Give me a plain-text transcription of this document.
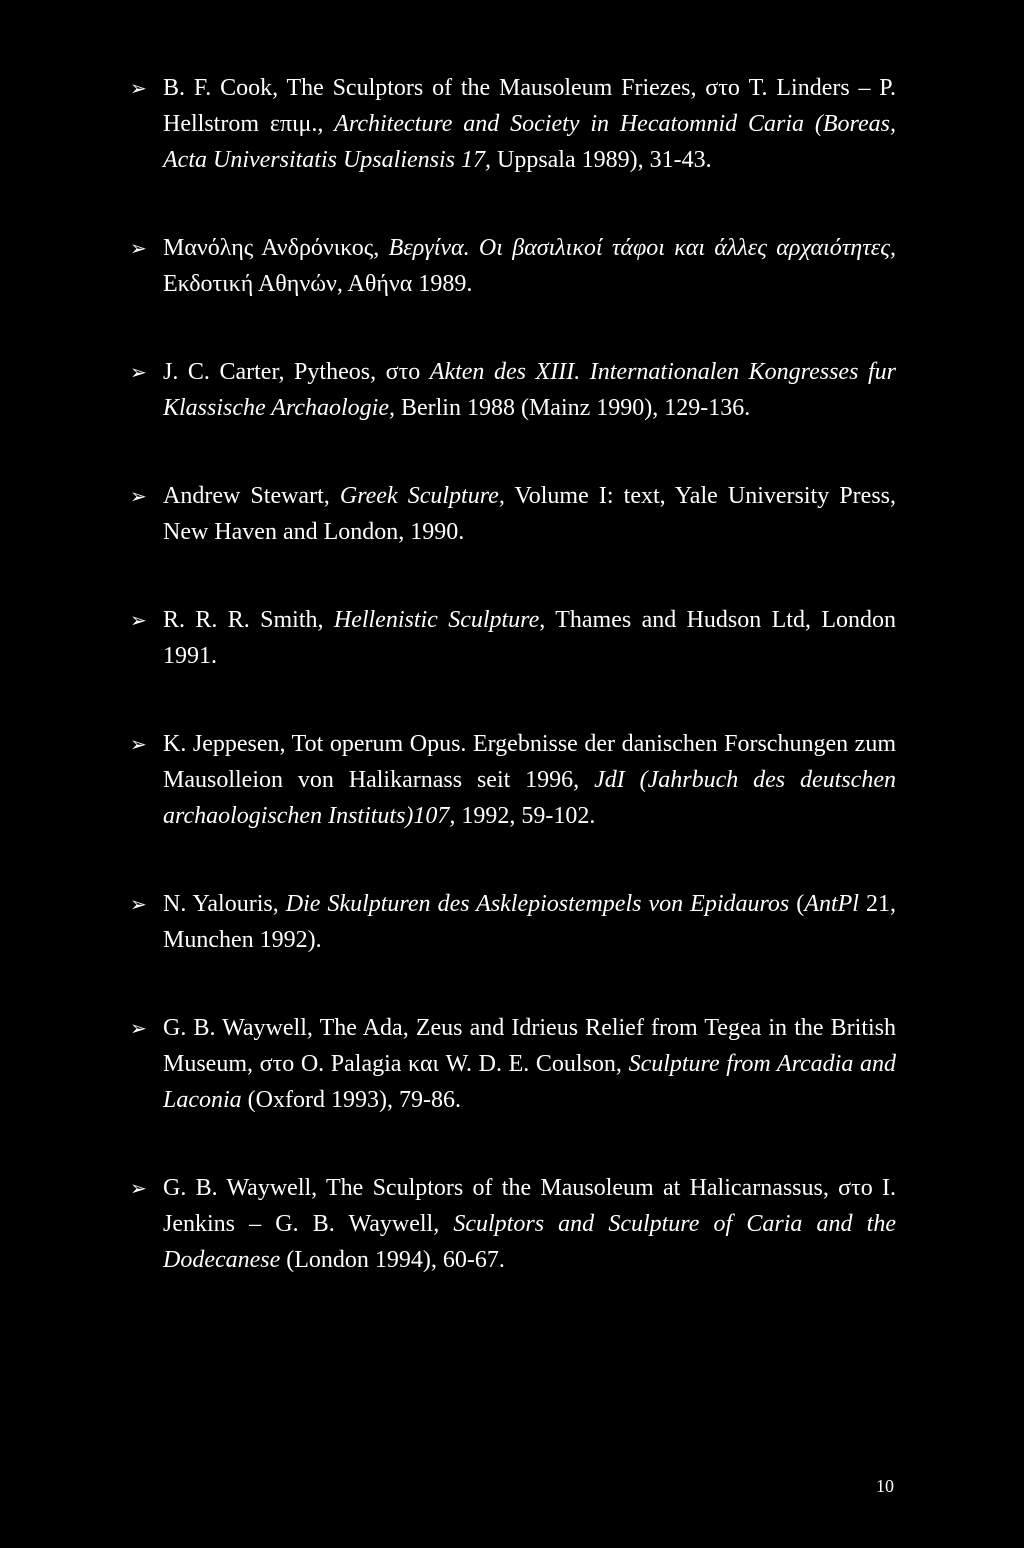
➢ B. F. Cook, The Sculptors of the Mausoleum Friezes, στο T. Linders – P. Hellstrom επιμ., Architecture and Society in Hecatomnid Caria (Boreas, Acta Universitatis Upsaliensis 17, Uppsala 1989), 31-43.
➢ Μανόλης Ανδρόνικος, Βεργίνα. Οι βασιλικοί τάφοι και άλλες αρχαιότητες, Εκδοτική Αθηνών, Αθήνα 1989.
➢ J. C. Carter, Pytheos, στο Akten des XIII. Internationalen Kongresses fur Klassische Archaologie, Berlin 1988 (Mainz 1990), 129-136.
➢ Andrew Stewart, Greek Sculpture, Volume I: text, Yale University Press, New Haven and London, 1990.
➢ R. R. R. Smith, Hellenistic Sculpture, Thames and Hudson Ltd, London 1991.
➢ K. Jeppesen, Tot operum Opus. Ergebnisse der danischen Forschungen zum Mausolleion von Halikarnass seit 1996, JdI (Jahrbuch des deutschen archaologischen Instituts)107, 1992, 59-102.
➢ N. Yalouris, Die Skulpturen des Asklepiostempels von Epidauros (AntPl 21, Munchen 1992).
➢ G. B. Waywell, The Ada, Zeus and Idrieus Relief from Tegea in the British Museum, στο O. Palagia και W. D. E. Coulson, Sculpture from Arcadia and Laconia (Oxford 1993), 79-86.
➢ G. B. Waywell, The Sculptors of the Mausoleum at Halicarnassus, στο I. Jenkins – G. B. Waywell, Sculptors and Sculpture of Caria and the Dodecanese (London 1994), 60-67.
10
